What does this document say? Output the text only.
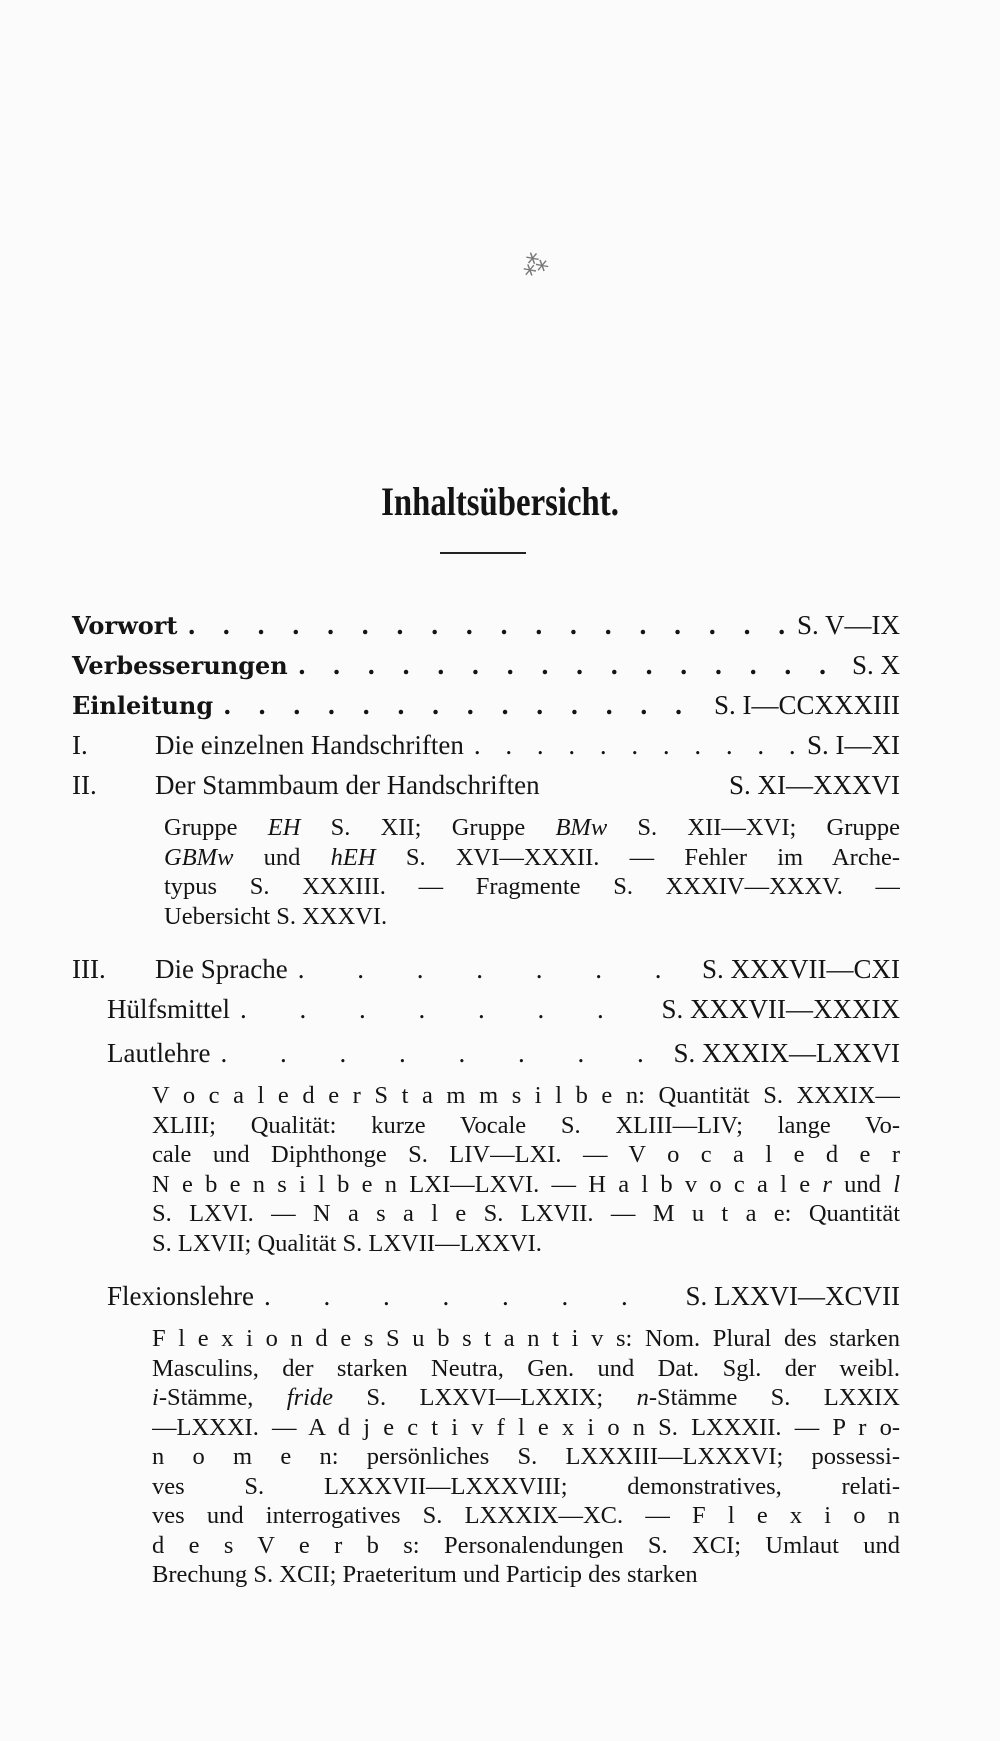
⁂
Inhaltsübersicht.
Vorwort . . .	S. V—IX
Verbesserungen . . .	S. X
Einleitung . . .	S. I—CCXXXIII
I.	Die einzelnen Handschriften . . .	S. I—XI
II.	Der Stammbaum der Handschriften	S. XI—XXXVI
Gruppe EH S. XII; Gruppe BMw S. XII—XVI; Gruppe
GBMw und hEH S. XVI—XXXII. — Fehler im Arche-
typus S. XXXIII. — Fragmente S. XXXIV—XXXV. —
Uebersicht S. XXXVI.
III.	Die Sprache . . .	S. XXXVII—CXI
Hülfsmittel . . .	S. XXXVII—XXXIX
Lautlehre . . .	S. XXXIX—LXXVI
V o c a l e d e r S t a m m s i l b e n: Quantität S. XXXIX—
XLIII; Qualität: kurze Vocale S. XLIII—LIV; lange Vo-
cale und Diphthonge S. LIV—LXI. — V o c a l e d e r
N e b e n s i l b e n LXI—LXVI. — H a l b v o c a l e r und l
S. LXVI. — N a s a l e S. LXVII. — M u t a e: Quantität
S. LXVII; Qualität S. LXVII—LXXVI.
Flexionslehre . . .	S. LXXVI—XCVII
F l e x i o n d e s S u b s t a n t i v s: Nom. Plural des starken
Masculins, der starken Neutra, Gen. und Dat. Sgl. der weibl.
i-Stämme, fride S. LXXVI—LXXIX; n-Stämme S. LXXIX
—LXXXI. — A d j e c t i v f l e x i o n S. LXXXII. — P r o-
n o m e n: persönliches S. LXXXIII—LXXXVI; possessi-
ves S. LXXXVII—LXXXVIII; demonstratives, relati-
ves und interrogatives S. LXXXIX—XC. — F l e x i o n
d e s V e r b s: Personalendungen S. XCI; Umlaut und
Brechung S. XCII; Praeteritum und Particip des starken
